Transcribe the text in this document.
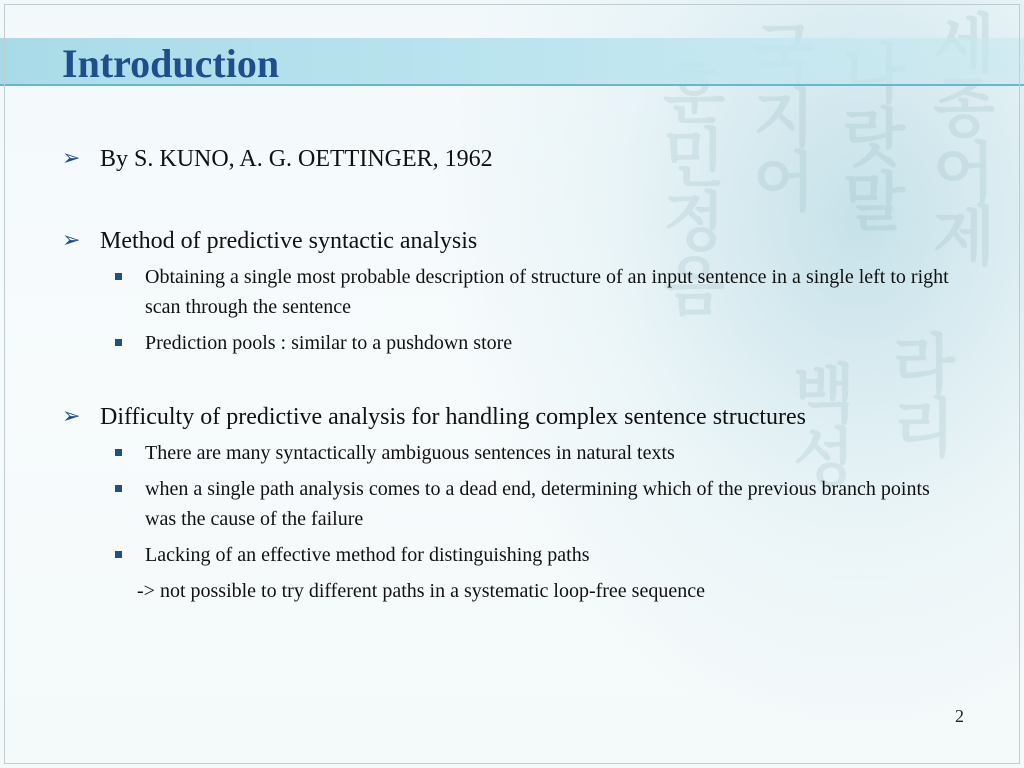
세종어제
나랏말
국지어
훈민정음
라리
백성
Introduction
➢ By S. KUNO, A. G. OETTINGER, 1962
➢ Method of predictive syntactic analysis
Obtaining a single most probable description of structure of an input sentence in a single left to right scan through the sentence
Prediction pools : similar to a pushdown store
➢ Difficulty of predictive analysis for handling complex sentence structures
There are many syntactically ambiguous sentences in natural texts
when a single path analysis comes to a dead end, determining which of the previous branch points was the cause of the failure
Lacking of an effective method for distinguishing paths
-> not possible to try different paths in a systematic loop-free sequence
2
